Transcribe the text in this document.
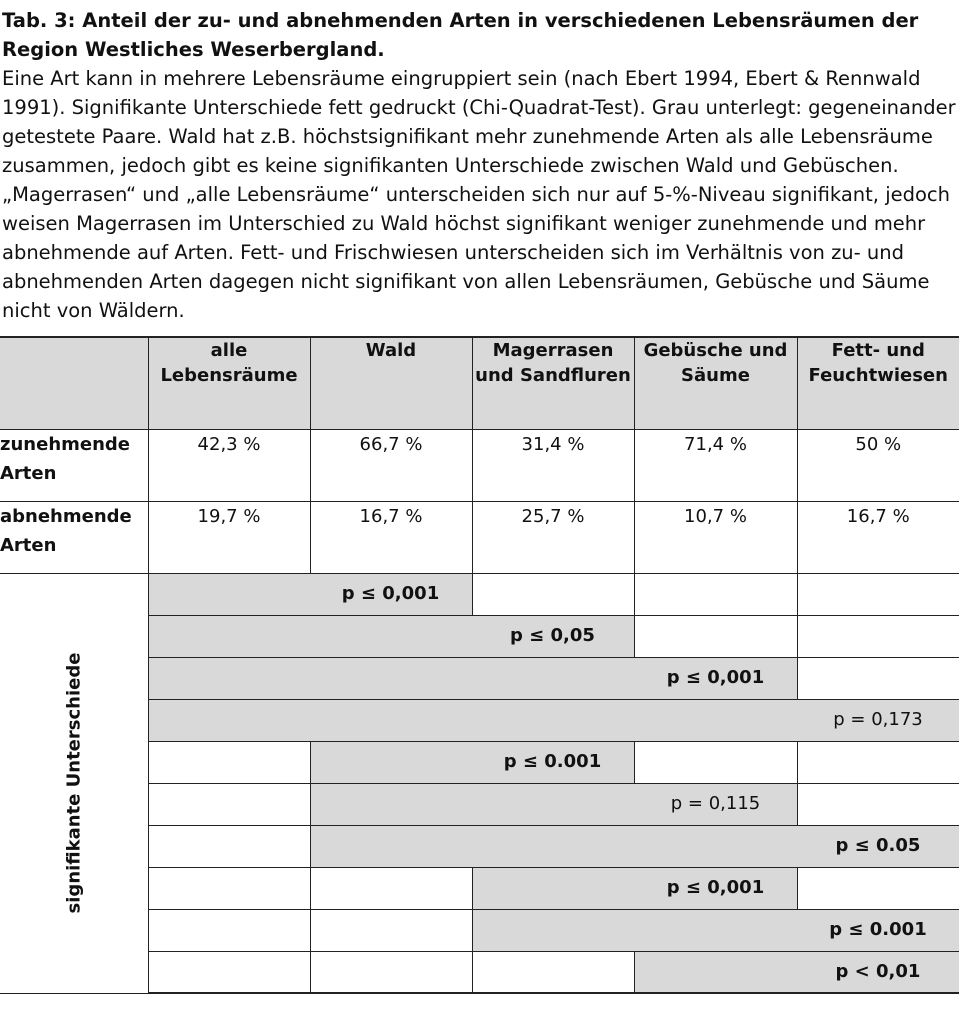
Tab. 3: Anteil der zu- und abnehmenden Arten in verschiedenen Lebensräumen der Region Westliches Weserbergland.

Eine Art kann in mehrere Lebensräume eingruppiert sein (nach Ebert 1994, Ebert & Rennwald 1991). Signifikante Unterschiede fett gedruckt (Chi-Quadrat-Test). Grau unterlegt: gegeneinander getestete Paare. Wald hat z.B. höchstsignifikant mehr zunehmende Arten als alle Lebensräume zusammen, jedoch gibt es keine signifikanten Unterschiede zwischen Wald und Gebüschen. „Magerrasen“ und „alle Lebensräume“ unterscheiden sich nur auf 5-%-Niveau signifikant, jedoch weisen Magerrasen im Unterschied zu Wald höchst signifikant weniger zunehmende und mehr abnehmende auf Arten. Fett- und Frischwiesen unterscheiden sich im Verhältnis von zu- und abnehmenden Arten dagegen nicht signifikant von allen Lebensräumen, Gebüsche und Säume nicht von Wäldern.

	alle Lebensräume	Wald	Magerrasen und Sandfluren	Gebüsche und Säume	Fett- und Feuchtwiesen
zunehmende Arten	42,3 %	66,7 %	31,4 %	71,4 %	50 %
abnehmende Arten	19,7 %	16,7 %	25,7 %	10,7 %	16,7 %

signifikante Unterschiede	p ≤ 0,001				
	p ≤ 0,05				
	p ≤ 0,001				
	p = 0,173				
		p ≤ 0.001			
		p = 0,115			
		p ≤ 0.05			
			p ≤ 0,001		
			p ≤ 0.001		
				p < 0,01	
